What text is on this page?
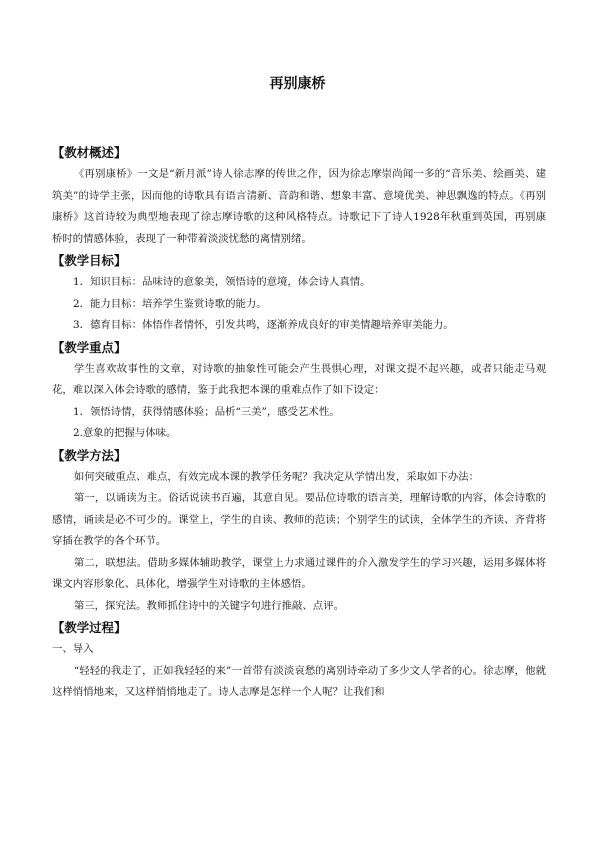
再别康桥
【教材概述】
《再别康桥》一文是“新月派”诗人徐志摩的传世之作，因为徐志摩崇尚闻一多的“音乐美、绘画美、建筑美”的诗学主张，因而他的诗歌具有语言清新、音韵和谐、想象丰富、意境优美、神思飘逸的特点。《再别康桥》这首诗较为典型地表现了徐志摩诗歌的这种风格特点。诗歌记下了诗人1928年秋重到英国，再别康桥时的情感体验，表现了一种带着淡淡忧愁的离情别绪。
【教学目标】
1．知识目标：品味诗的意象美，领悟诗的意境，体会诗人真情。
2．能力目标：培养学生鉴赏诗歌的能力。
3．德育目标：体悟作者情怀，引发共鸣，逐渐养成良好的审美情趣培养审美能力。
【教学重点】
学生喜欢故事性的文章，对诗歌的抽象性可能会产生畏惧心理，对课文提不起兴趣，或者只能走马观花，难以深入体会诗歌的感情，鉴于此我把本课的重难点作了如下设定：
1．领悟诗情，获得情感体验；品析“三美”，感受艺术性。
2.意象的把握与体味。
【教学方法】
如何突破重点、难点，有效完成本课的教学任务呢？我决定从学情出发，采取如下办法：
第一，以诵读为主。俗话说读书百遍，其意自见。要品位诗歌的语言美，理解诗歌的内容，体会诗歌的感情，诵读是必不可少的。课堂上，学生的自读、教师的范读；个别学生的试读，全体学生的齐读、齐背将穿插在教学的各个环节。
第二，联想法。借助多媒体辅助教学，课堂上力求通过课件的介入激发学生的学习兴趣，运用多媒体将课文内容形象化、具体化，增强学生对诗歌的主体感悟。
第三，探究法。教师抓住诗中的关键字句进行推敲、点评。
【教学过程】
一、导入
“轻轻的我走了，正如我轻轻的来”一首带有淡淡哀愁的离别诗牵动了多少文人学者的心。徐志摩，他就这样悄悄地来，又这样悄悄地走了。诗人志摩是怎样一个人呢？让我们和
